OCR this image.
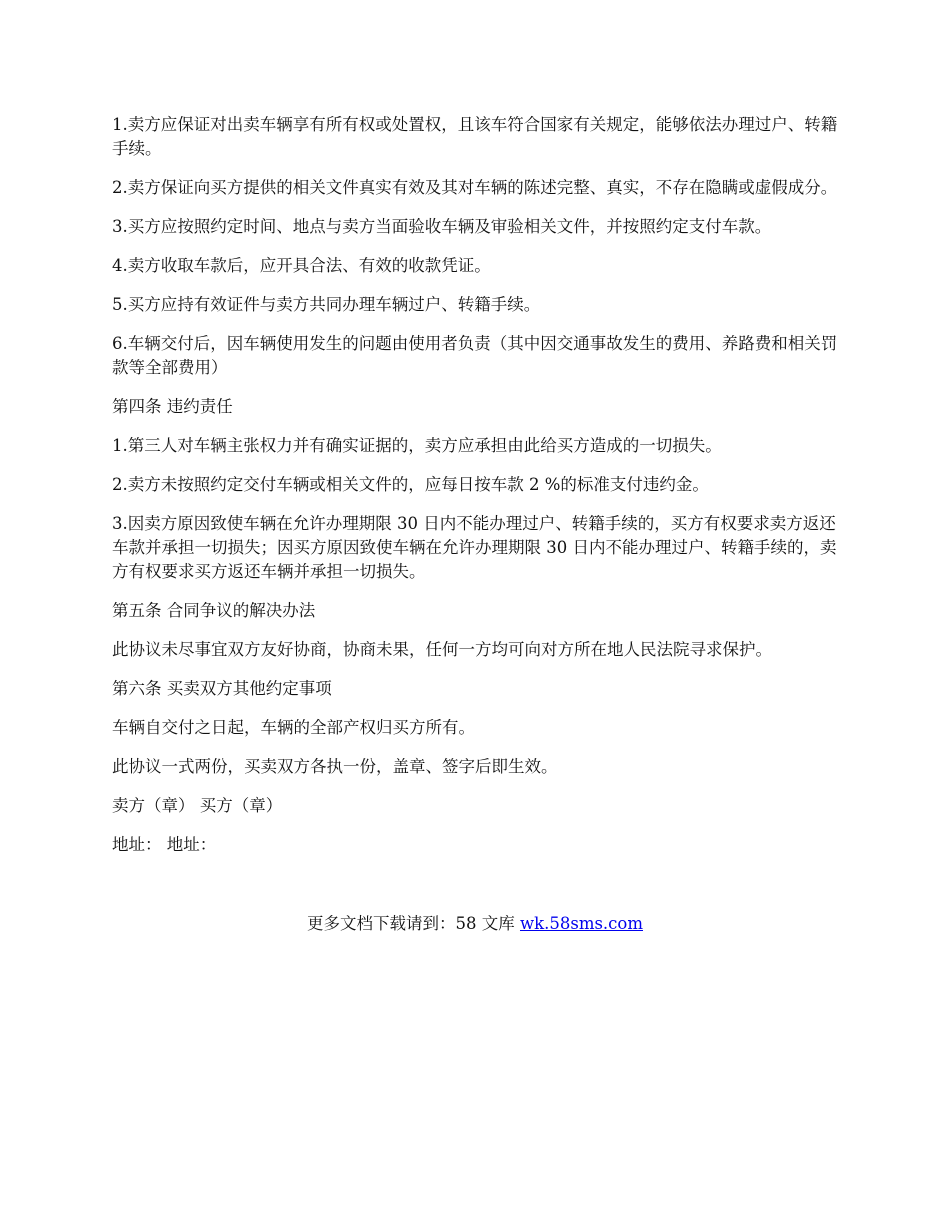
1.卖方应保证对出卖车辆享有所有权或处置权，且该车符合国家有关规定，能够依法办理过户、转籍手续。

2.卖方保证向买方提供的相关文件真实有效及其对车辆的陈述完整、真实，不存在隐瞒或虚假成分。

3.买方应按照约定时间、地点与卖方当面验收车辆及审验相关文件，并按照约定支付车款。

4.卖方收取车款后，应开具合法、有效的收款凭证。

5.买方应持有效证件与卖方共同办理车辆过户、转籍手续。

6.车辆交付后，因车辆使用发生的问题由使用者负责（其中因交通事故发生的费用、养路费和相关罚款等全部费用）

第四条 违约责任

1.第三人对车辆主张权力并有确实证据的，卖方应承担由此给买方造成的一切损失。

2.卖方未按照约定交付车辆或相关文件的，应每日按车款 2 %的标准支付违约金。

3.因卖方原因致使车辆在允许办理期限 30 日内不能办理过户、转籍手续的，买方有权要求卖方返还车款并承担一切损失；因买方原因致使车辆在允许办理期限 30 日内不能办理过户、转籍手续的，卖方有权要求买方返还车辆并承担一切损失。

第五条 合同争议的解决办法

此协议未尽事宜双方友好协商，协商未果，任何一方均可向对方所在地人民法院寻求保护。

第六条 买卖双方其他约定事项

车辆自交付之日起，车辆的全部产权归买方所有。

此协议一式两份，买卖双方各执一份，盖章、签字后即生效。

卖方（章） 买方（章）

地址： 地址：

更多文档下载请到：58 文库 wk.58sms.com
